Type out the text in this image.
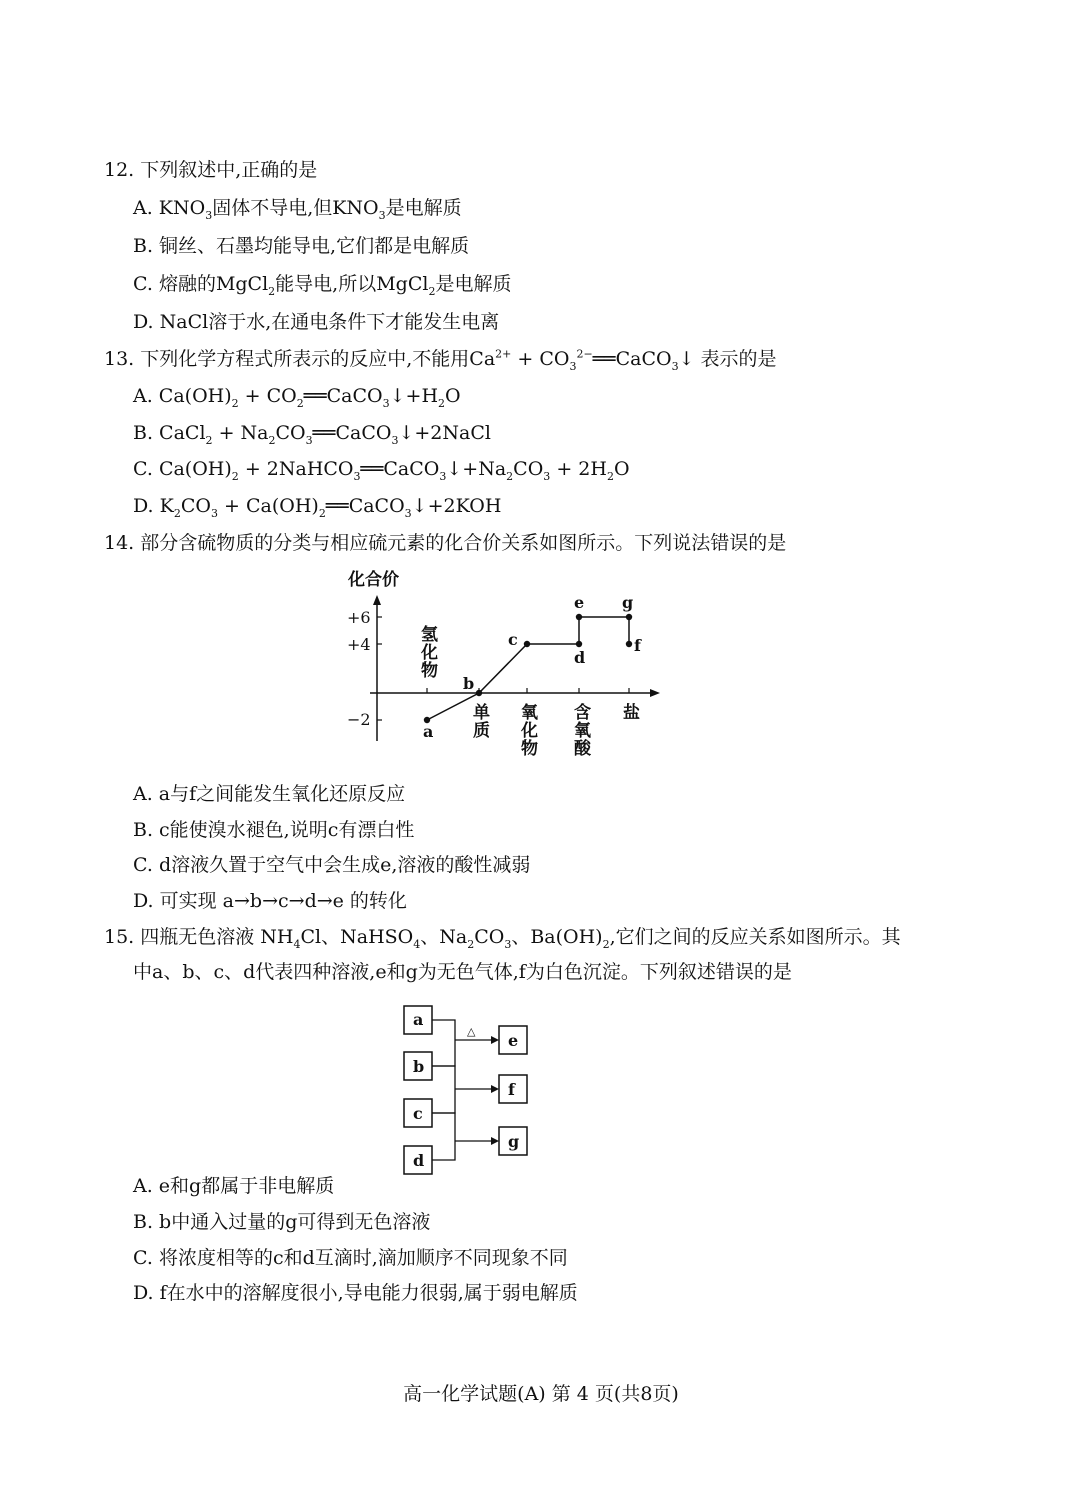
12. 下列叙述中,正确的是
A. $KNO_3$固体不导电,但$KNO_3$是电解质
B. 铜丝、石墨均能导电,它们都是电解质
C. 熔融的MgCl$_2$能导电,所以MgCl$_2$是电解质
D. NaCl溶于水,在通电条件下才能发生电离
13. 下列化学方程式所表示的反应中,不能用$Ca^{2+}$ + $CO_3^{2-}══CaCO_3↓$ 表示的是
A. $Ca(OH)_2$ + $CO_2══CaCO_3↓+H_2O$
B. CaCl$_2$ + $Na_2CO_3══CaCO_3↓+2NaCl$
C. $Ca(OH)_2$ + $2NaHCO_3══CaCO_3↓+Na_2CO_3 + 2H_2O$
D. $K_2CO_3$ + $Ca(OH)_2══CaCO_3↓+2KOH$
14. 部分含硫物质的分类与相应硫元素的化合价关系如图所示。下列说法错误的是
化合价
+6
+4
−2
氢化物
单质 氧化物 含氧酸 盐
a
b
c
d
e g
f
A. a与f之间能发生氧化还原反应
B. c能使溴水褪色,说明c有漂白性
C. d溶液久置于空气中会生成e,溶液的酸性减弱
D. 可实现 a→b→c→d→e 的转化
15. 四瓶无色溶液 $NH_4Cl$、NaHSO$_4$、$Na_2CO_3$、$Ba(OH)_2$,它们之间的反应关系如图所示。其
中a、b、c、d代表四种溶液,e和g为无色气体,f为白色沉淀。下列叙述错误的是
a
b
c
d
e
f
g
△
A. e和g都属于非电解质
B. b中通入过量的g可得到无色溶液
C. 将浓度相等的c和d互滴时,滴加顺序不同现象不同
D. f在水中的溶解度很小,导电能力很弱,属于弱电解质
高一化学试题(A) 第 4 页(共8页)
